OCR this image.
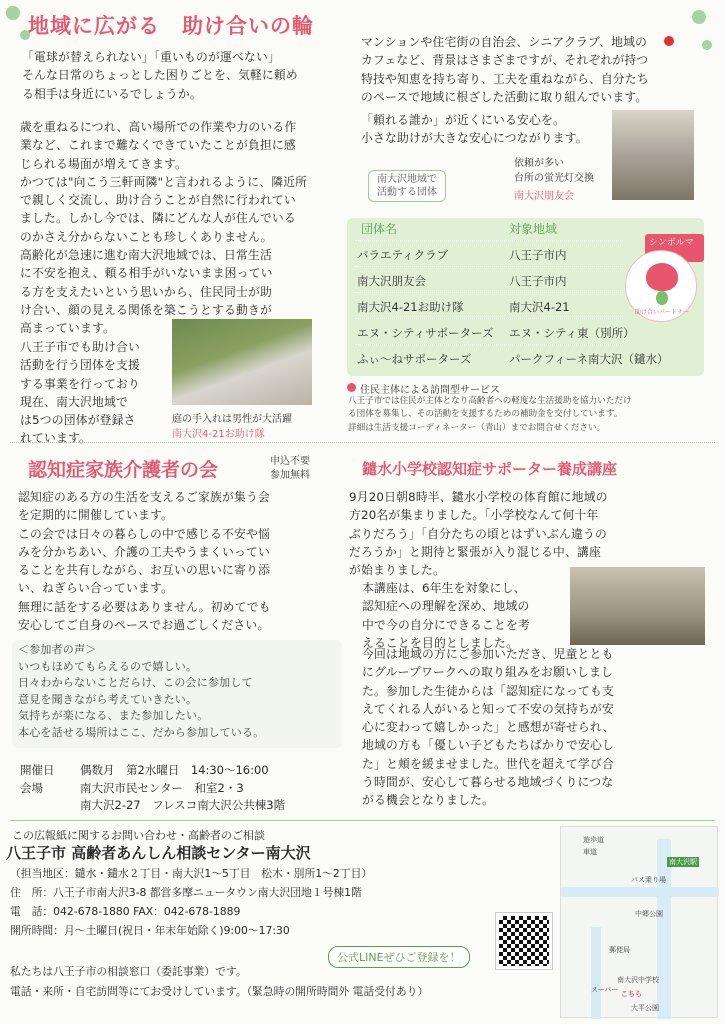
地域に広がる　助け合いの輪
「電球が替えられない」「重いものが運べない」
そんな日常のちょっとした困りごとを、気軽に頼め
る相手は身近にいるでしょうか。
歳を重ねるにつれ、高い場所での作業や力のいる作
業など、これまで難なくできていたことが負担に感
じられる場面が増えてきます。
かつては"向こう三軒両隣"と言われるように、隣近所
で親しく交流し、助け合うことが自然に行われてい
ました。しかし今では、隣にどんな人が住んでいる
のかさえ分からないことも珍しくありません。
高齢化が急速に進む南大沢地域では、日常生活
に不安を抱え、頼る相手がいないまま困ってい
る方を支えたいという思いから、住民同士が助
け合い、顔の見える関係を築こうとする動きが
高まっています。
八王子市でも助け合い
活動を行う団体を支援
する事業を行っており
現在、南大沢地域で
は5つの団体が登録さ
れています。
庭の手入れは男性が大活躍
南大沢4-21お助け隊
マンションや住宅街の自治会、シニアクラブ、地域の
カフェなど、背景はさまざまですが、それぞれが持つ
特技や知恵を持ち寄り、工夫を重ねながら、自分たち
のペースで地域に根ざした活動に取り組んでいます。
「頼れる誰か」が近くにいる安心を。
小さな助けが大きな安心につながります。
依頼が多い
台所の蛍光灯交換
南大沢朋友会
南大沢地域で
活動する団体
団体名	対象地域
バラエティクラブ	八王子市内
南大沢朋友会	八王子市内
南大沢4-21お助け隊	南大沢4-21
エヌ・シティサポーターズ エヌ・シティ東（別所）
ふぃ～ねサポーターズ	パークフィーネ南大沢（鑓水）
シンボルマ
助け合いパートナー
住民主体による訪問型サービス
八王子市では住民が主体となり高齢者への軽度な生活援助を協力いただけ
る団体を募集し、その活動を支援するための補助金を交付しています。
詳細は生活支援コーディネーター（青山）までお問合せください。
認知症家族介護者の会	申込不要
参加無料
認知症のある方の生活を支えるご家族が集う会
を定期的に開催しています。
この会では日々の暮らしの中で感じる不安や悩
みを分かちあい、介護の工夫やうまくいってい
ることを共有しながら、お互いの思いに寄り添
い、ねぎらい合っています。
無理に話をする必要はありません。初めてでも
安心してご自身のペースでお過ごしください。
＜参加者の声＞
いつもほめてもらえるので嬉しい。
日々わからないことだらけ、この会に参加して
意見を聞きながら考えていきたい。
気持ちが楽になる、また参加したい。
本心を話せる場所はここ、だから参加している。
開催日 偶数月　第2水曜日　14:30～16:00
会場	南大沢市民センター　和室2・3
南大沢2-27　フレスコ南大沢公共棟3階
鑓水小学校認知症サポーター養成講座
9月20日朝8時半、鑓水小学校の体育館に地域の
方20名が集まりました。「小学校なんて何十年
ぶりだろう」「自分たちの頃とはずいぶん違うの
だろうか」と期待と緊張が入り混じる中、講座
が始まりました。
本講座は、6年生を対象にし、
認知症への理解を深め、地域の
中で今の自分にできることを考
えることを目的としました。
今回は地域の方にご参加いただき、児童ととも
にグループワークへの取り組みをお願いしまし
た。参加した生徒からは「認知症になっても支
えてくれる人がいると知って不安の気持ちが安
心に変わって嬉しかった」と感想が寄せられ、
地域の方も「優しい子どもたちばかりで安心し
た」と頬を緩ませました。世代を超えて学び合
う時間が、安心して暮らせる地域づくりにつな
がる機会となりました。
この広報紙に関するお問い合わせ・高齢者のご相談
八王子市 高齢者あんしん相談センター南大沢
（担当地区：鑓水・鑓水２丁目・南大沢1～5丁目　松木・別所1～2丁目）
住　所：八王子市南大沢3-8 都営多摩ニュータウン南大沢団地１号棟1階
電　話：042-678-1880 FAX：042-678-1889
開所時間：月～土曜日(祝日・年末年始除く)9:00～17:30
公式LINEぜひご登録を！
私たちは八王子市の相談窓口（委託事業）です。
電話・来所・自宅訪問等にてお受けしています。（緊急時の開所時間外 電話受付あり）
遊歩道
車道
南大沢駅
バス乗り場
中郷公園
郵便局
南大沢中学校
スーパー こちら
大平公園
